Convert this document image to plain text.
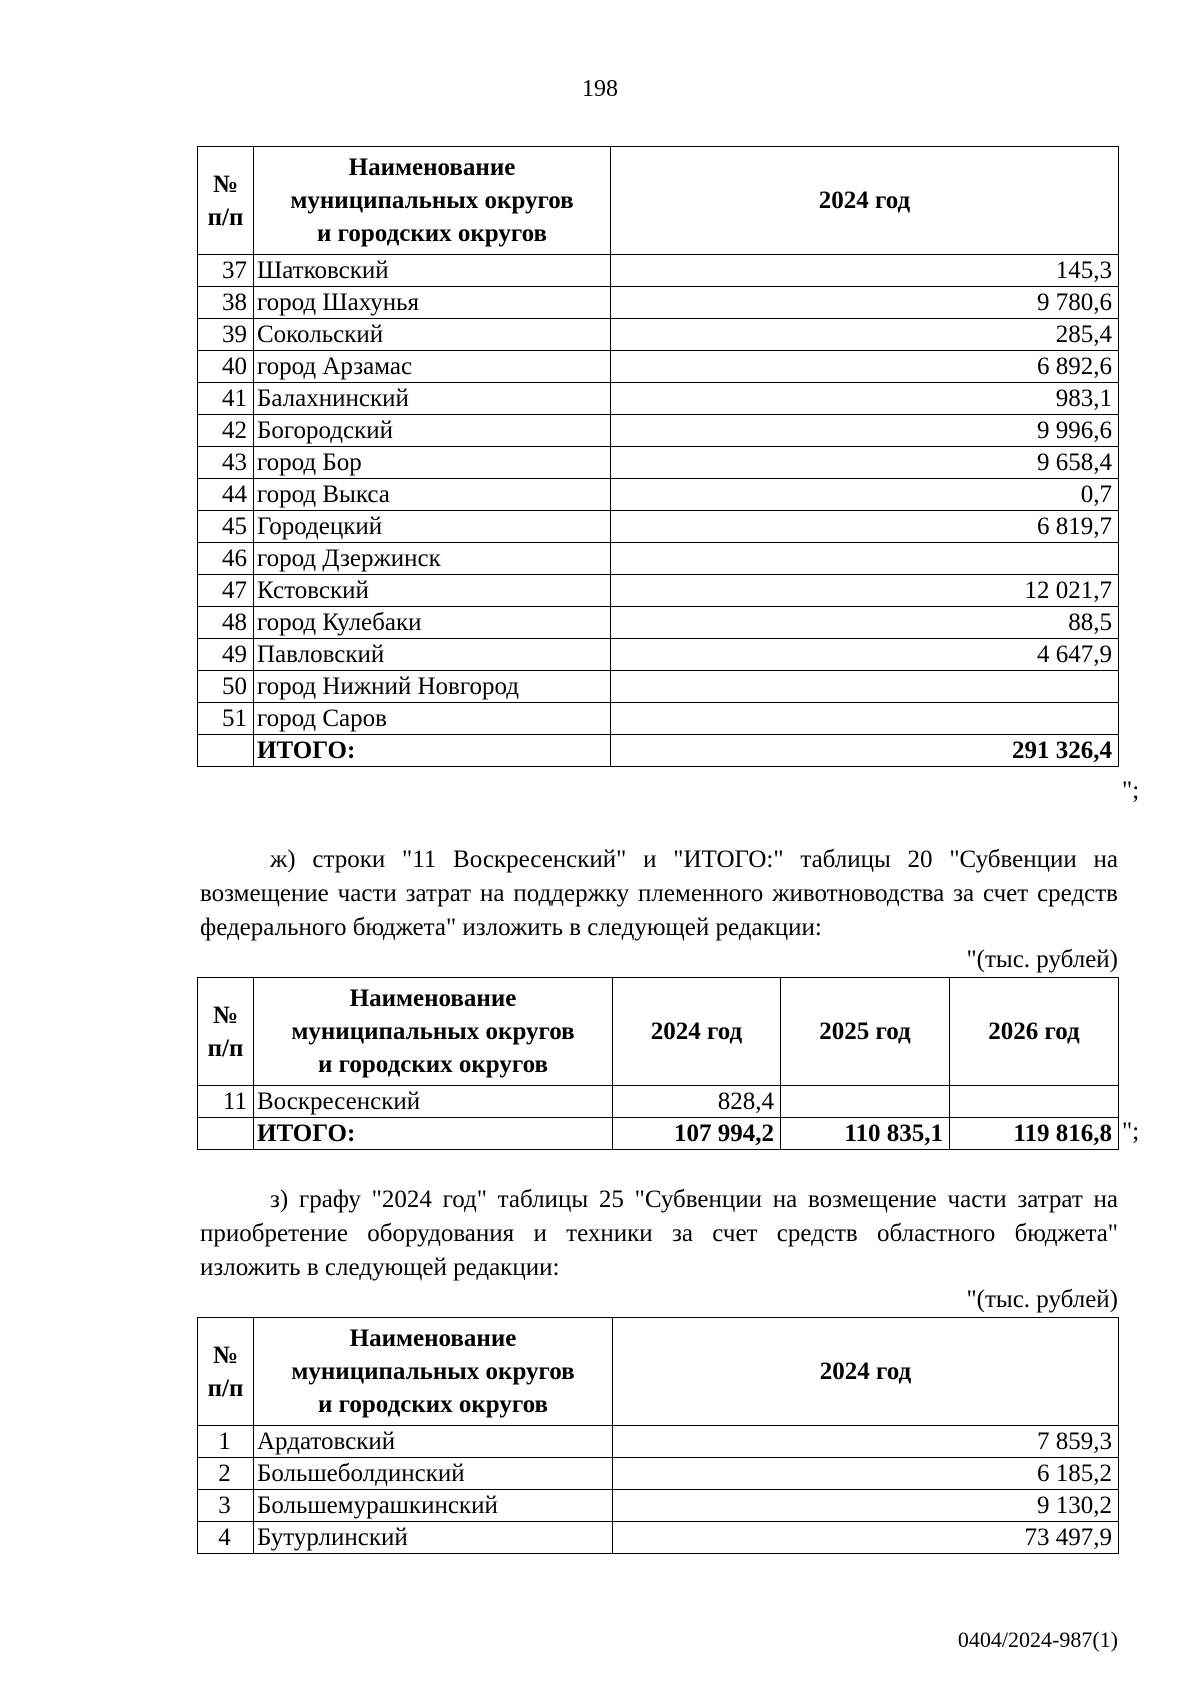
198
№
п/п	Наименование
муниципальных округов
и городских округов	2024 год
37	Шатковский	145,3
38	город Шахунья	9 780,6
39	Сокольский	285,4
40	город Арзамас	6 892,6
41	Балахнинский	983,1
42	Богородский	9 996,6
43	город Бор	9 658,4
44	город Выкса	0,7
45	Городецкий	6 819,7
46	город Дзержинск	
47	Кстовский	12 021,7
48	город Кулебаки	88,5
49	Павловский	4 647,9
50	город Нижний Новгород	
51	город Саров	
	ИТОГО:	291 326,4
";
ж) строки "11 Воскресенский" и "ИТОГО:" таблицы 20 "Субвенции на возмещение части затрат на поддержку племенного животноводства за счет средств федерального бюджета" изложить в следующей редакции:
"(тыс. рублей)
№
п/п	Наименование
муниципальных округов
и городских округов	2024 год	2025 год	2026 год
11	Воскресенский	828,4		
	ИТОГО:	107 994,2	110 835,1	119 816,8 ";
з) графу "2024 год" таблицы 25 "Субвенции на возмещение части затрат на приобретение оборудования и техники за счет средств областного бюджета" изложить в следующей редакции:
"(тыс. рублей)
№
п/п	Наименование
муниципальных округов
и городских округов	2024 год
1	Ардатовский	7 859,3
2	Большеболдинский	6 185,2
3	Большемурашкинский	9 130,2
4	Бутурлинский	73 497,9
0404/2024-987(1)
